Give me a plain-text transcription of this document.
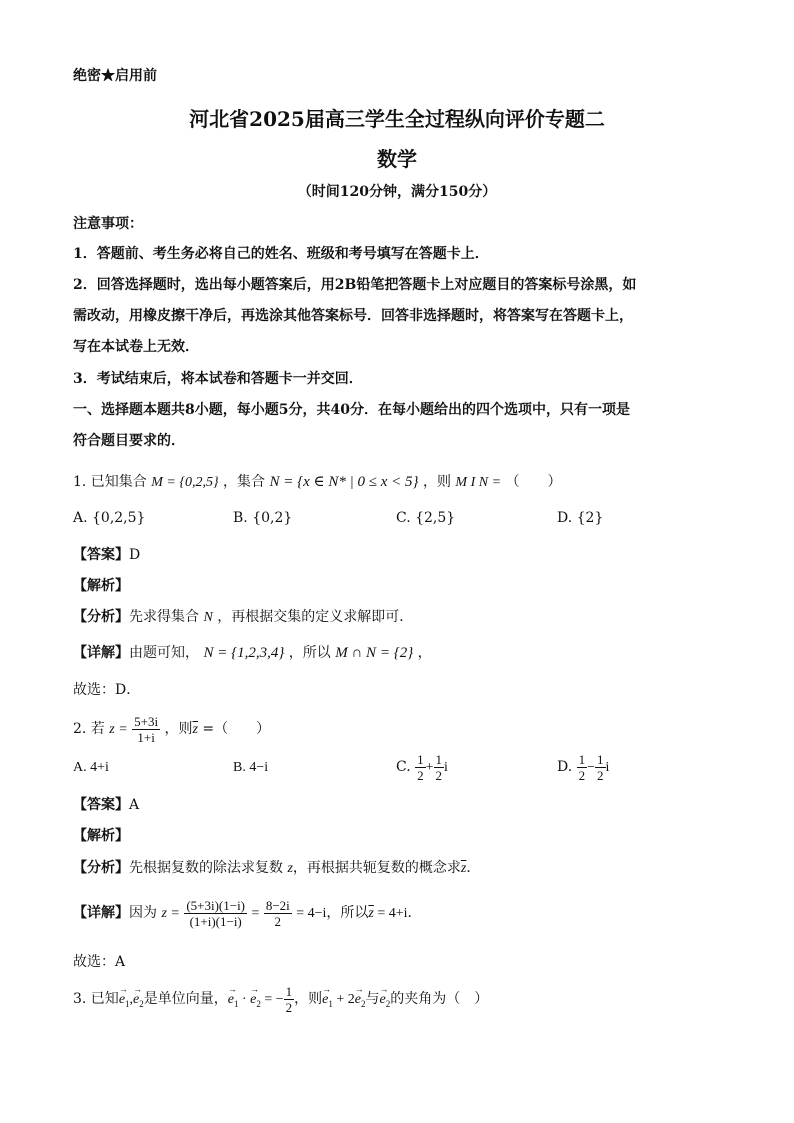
绝密★启用前
河北省2025届高三学生全过程纵向评价专题二
数学
（时间120分钟，满分150分）
注意事项：
1．答题前、考生务必将自己的姓名、班级和考号填写在答题卡上．
2．回答选择题时，选出每小题答案后，用2B铅笔把答题卡上对应题目的答案标号涂黑，如
需改动，用橡皮擦干净后，再选涂其他答案标号．回答非选择题时，将答案写在答题卡上，
写在本试卷上无效．
3．考试结束后，将本试卷和答题卡一并交回．
一、选择题本题共8小题，每小题5分，共40分．在每小题给出的四个选项中，只有一项是
符合题目要求的．
1. 已知集合 M = {0,2,5} ，集合 N = {x ∈ N* | 0 ≤ x < 5} ，则 M I N = （　　）
A. {0,2,5}	B. {0,2}	C. {2,5}	D. {2}
【答案】D
【解析】
【分析】先求得集合 N ，再根据交集的定义求解即可．
【详解】由题可知， N = {1,2,3,4} ，所以 M ∩ N = {2} ，
故选：D．
2. 若 $z = \frac{5+3i}{1+i}$ ，则$\overline{z}$ =（　　）
A. 4+i	B. 4−i	C. $\frac{1}{2} + \frac{1}{2}$ i	D. $\frac{1}{2} - \frac{1}{2}$ i
【答案】A
【解析】
【分析】先根据复数的除法求复数 z，再根据共轭复数的概念求$\overline{z}$．
【详解】因为 $z = \frac{(5+3i)(1-i)}{(1+i)(1-i)} = \frac{8-2i}{2} = 4-i$，所以$\overline{z} = 4+i$．
故选：A
3. 已知→ $e_1,\to e_2$是单位向量，→ $e_1$ · → $e_2$ = − $\frac{1}{2}$ ，则→ $e_1 + 2\to e_2$与→ $e_2$的夹角为（　）
